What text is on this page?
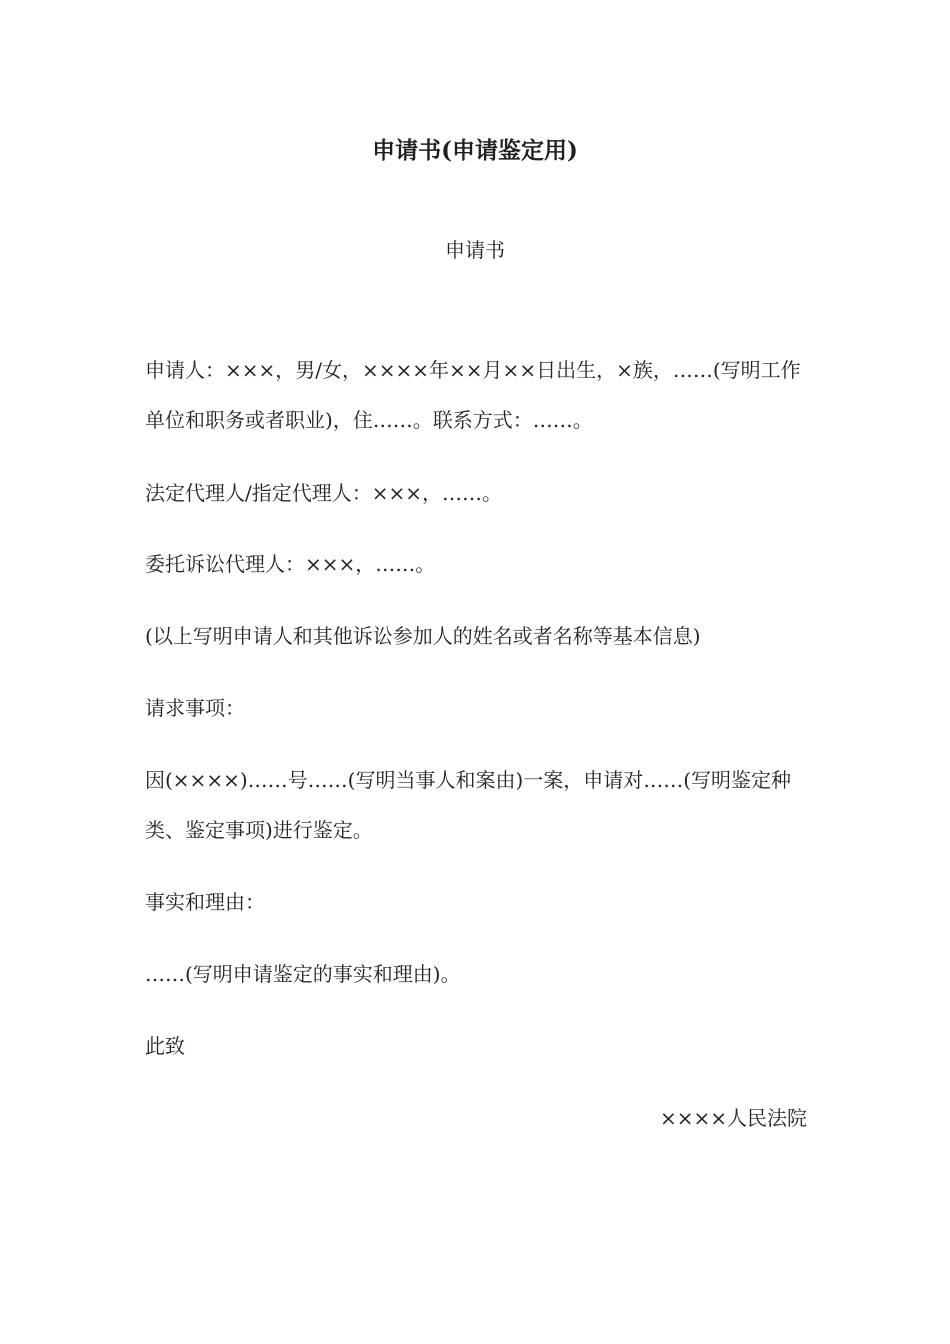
申请书(申请鉴定用)
申请书
申请人：×××，男/女，××××年××月××日出生，×族，……(写明工作单位和职务或者职业)，住……。联系方式：……。
法定代理人/指定代理人：×××，……。
委托诉讼代理人：×××，……。
(以上写明申请人和其他诉讼参加人的姓名或者名称等基本信息)
请求事项：
因(××××)……号……(写明当事人和案由)一案，申请对……(写明鉴定种类、鉴定事项)进行鉴定。
事实和理由：
……(写明申请鉴定的事实和理由)。
此致
××××人民法院
